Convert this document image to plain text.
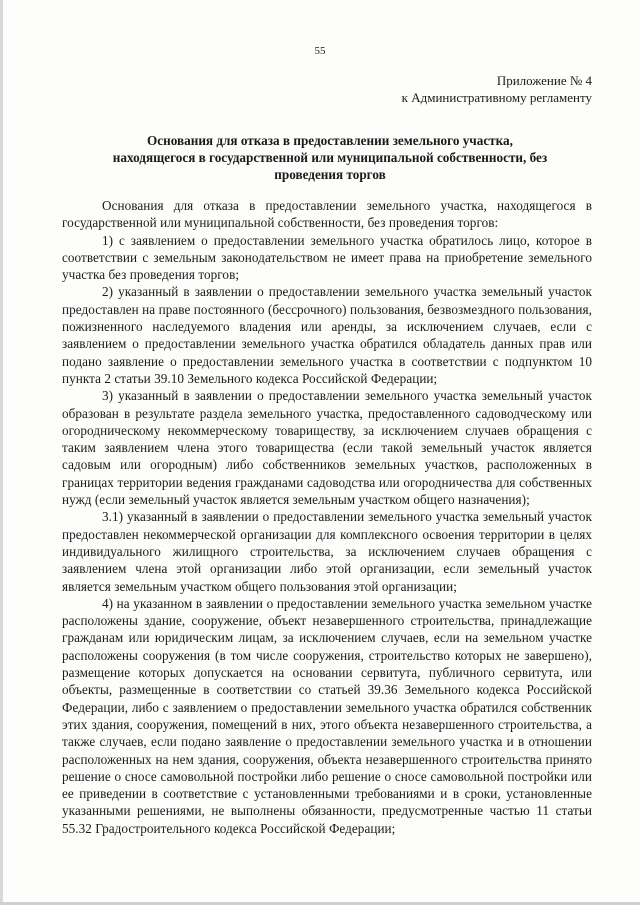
55
Приложение № 4
к Административному регламенту
Основания для отказа в предоставлении земельного участка,
находящегося в государственной или муниципальной собственности, без
проведения торгов

Основания для отказа в предоставлении земельного участка, находящегося в государственной или муниципальной собственности, без проведения торгов:

1) с заявлением о предоставлении земельного участка обратилось лицо, которое в соответствии с земельным законодательством не имеет права на приобретение земельного участка без проведения торгов;

2) указанный в заявлении о предоставлении земельного участка земельный участок предоставлен на праве постоянного (бессрочного) пользования, безвозмездного пользования, пожизненного наследуемого владения или аренды, за исключением случаев, если с заявлением о предоставлении земельного участка обратился обладатель данных прав или подано заявление о предоставлении земельного участка в соответствии с подпунктом 10 пункта 2 статьи 39.10 Земельного кодекса Российской Федерации;

3) указанный в заявлении о предоставлении земельного участка земельный участок образован в результате раздела земельного участка, предоставленного садоводческому или огородническому некоммерческому товариществу, за исключением случаев обращения с таким заявлением члена этого товарищества (если такой земельный участок является садовым или огородным) либо собственников земельных участков, расположенных в границах территории ведения гражданами садоводства или огородничества для собственных нужд (если земельный участок является земельным участком общего назначения);

3.1) указанный в заявлении о предоставлении земельного участка земельный участок предоставлен некоммерческой организации для комплексного освоения территории в целях индивидуального жилищного строительства, за исключением случаев обращения с заявлением члена этой организации либо этой организации, если земельный участок является земельным участком общего пользования этой организации;

4) на указанном в заявлении о предоставлении земельного участка земельном участке расположены здание, сооружение, объект незавершенного строительства, принадлежащие гражданам или юридическим лицам, за исключением случаев, если на земельном участке расположены сооружения (в том числе сооружения, строительство которых не завершено), размещение которых допускается на основании сервитута, публичного сервитута, или объекты, размещенные в соответствии со статьей 39.36 Земельного кодекса Российской Федерации, либо с заявлением о предоставлении земельного участка обратился собственник этих здания, сооружения, помещений в них, этого объекта незавершенного строительства, а также случаев, если подано заявление о предоставлении земельного участка и в отношении расположенных на нем здания, сооружения, объекта незавершенного строительства принято решение о сносе самовольной постройки либо решение о сносе самовольной постройки или ее приведении в соответствие с установленными требованиями и в сроки, установленные указанными решениями, не выполнены обязанности, предусмотренные частью 11 статьи 55.32 Градостроительного кодекса Российской Федерации;
